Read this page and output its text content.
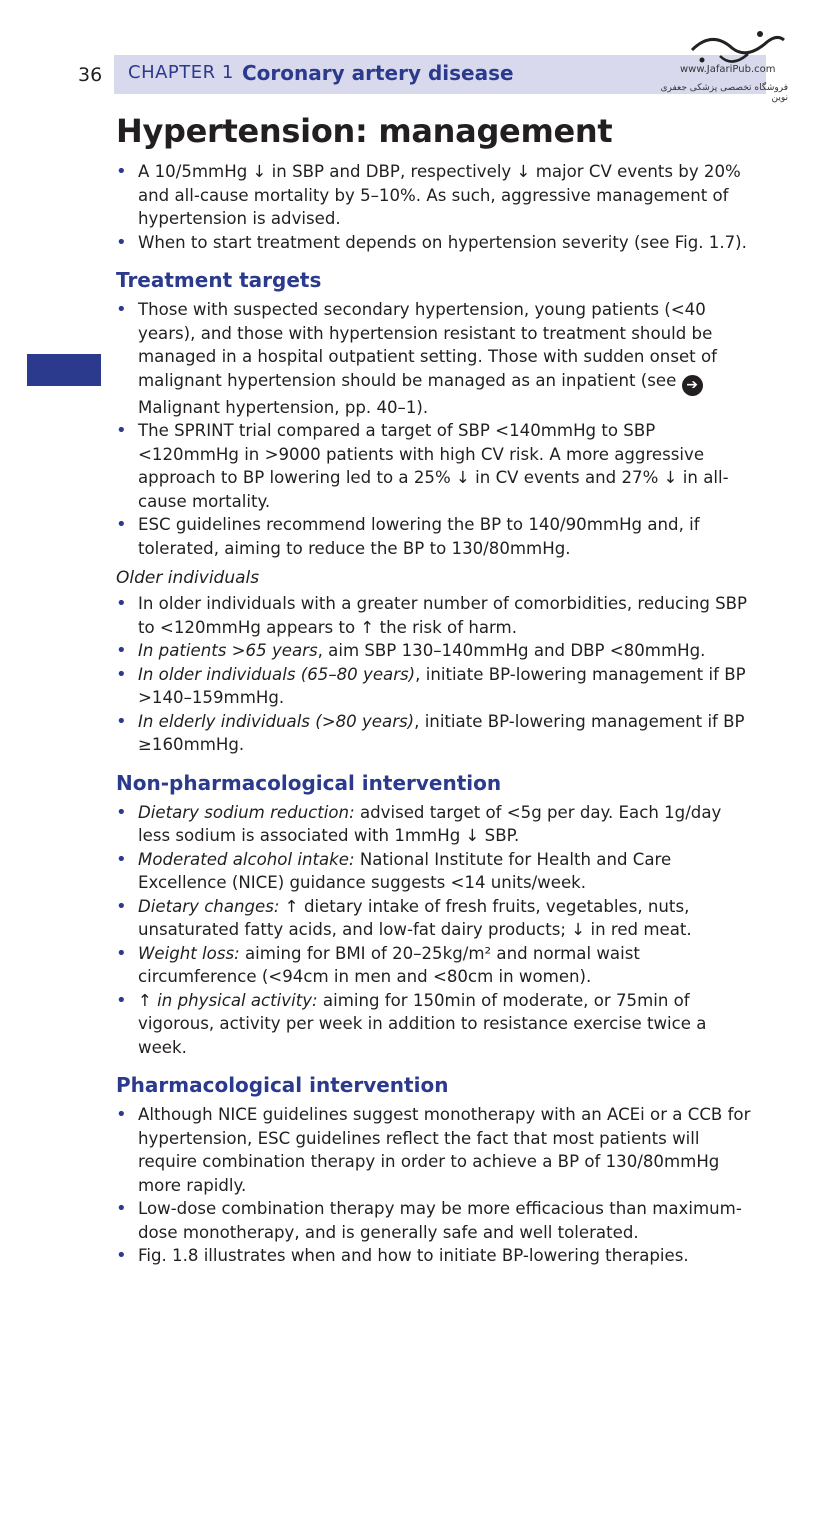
36 CHAPTER 1 Coronary artery disease	www.JafariPub.com
فروشگاه تخصصی پزشکی جعفری نوین
Hypertension: management
• A 10/5mmHg ↓ in SBP and DBP, respectively ↓ major CV events by 20% and all-cause mortality by 5–10%. As such, aggressive management of hypertension is advised.
• When to start treatment depends on hypertension severity (see Fig. 1.7).
Treatment targets
• Those with suspected secondary hypertension, young patients (<40 years), and those with hypertension resistant to treatment should be managed in a hospital outpatient setting. Those with sudden onset of malignant hypertension should be managed as an inpatient (see ➔ Malignant hypertension, pp. 40–1).
• The SPRINT trial compared a target of SBP <140mmHg to SBP <120mmHg in >9000 patients with high CV risk. A more aggressive approach to BP lowering led to a 25% ↓ in CV events and 27% ↓ in all-cause mortality.
• ESC guidelines recommend lowering the BP to 140/90mmHg and, if tolerated, aiming to reduce the BP to 130/80mmHg.
Older individuals
• In older individuals with a greater number of comorbidities, reducing SBP to <120mmHg appears to ↑ the risk of harm.
• In patients >65 years, aim SBP 130–140mmHg and DBP <80mmHg.
• In older individuals (65–80 years), initiate BP-lowering management if BP >140–159mmHg.
• In elderly individuals (>80 years), initiate BP-lowering management if BP ≥160mmHg.
Non-pharmacological intervention
• Dietary sodium reduction: advised target of <5g per day. Each 1g/day less sodium is associated with 1mmHg ↓ SBP.
• Moderated alcohol intake: National Institute for Health and Care Excellence (NICE) guidance suggests <14 units/week.
• Dietary changes: ↑ dietary intake of fresh fruits, vegetables, nuts, unsaturated fatty acids, and low-fat dairy products; ↓ in red meat.
• Weight loss: aiming for BMI of 20–25kg/m² and normal waist circumference (<94cm in men and <80cm in women).
• ↑ in physical activity: aiming for 150min of moderate, or 75min of vigorous, activity per week in addition to resistance exercise twice a week.
Pharmacological intervention
• Although NICE guidelines suggest monotherapy with an ACEi or a CCB for hypertension, ESC guidelines reflect the fact that most patients will require combination therapy in order to achieve a BP of 130/80mmHg more rapidly.
• Low-dose combination therapy may be more efficacious than maximum-dose monotherapy, and is generally safe and well tolerated.
• Fig. 1.8 illustrates when and how to initiate BP-lowering therapies.
